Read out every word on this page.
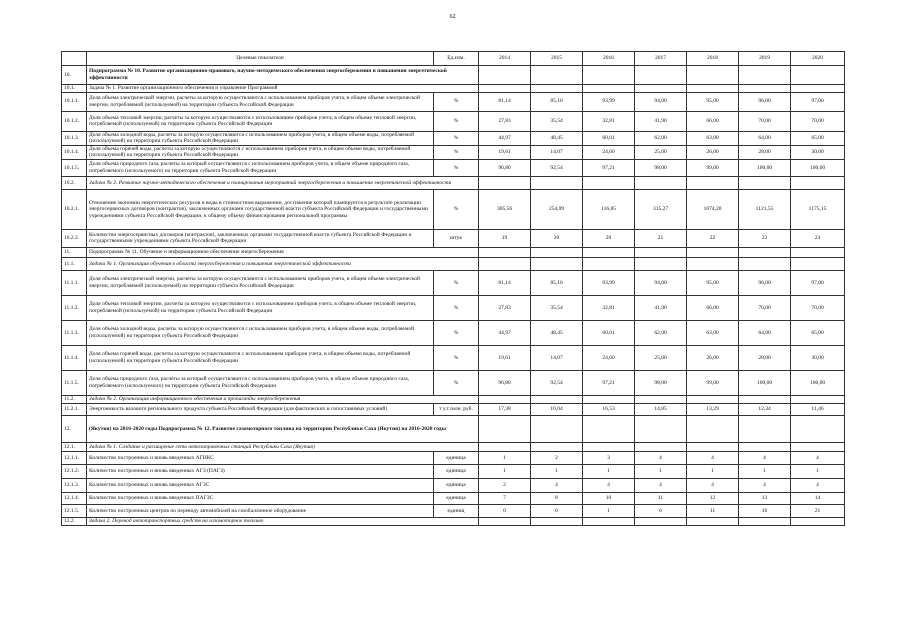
62
	Целевые показатели	Ед.изм.	2014	2015	2016	2017	2018	2019	2020
10.	Подпрограмма № 10. Развитие организационно-правового, научно-методического обеспечения энергосбережения и повышения энергетической эффективности								
10.1.	Задача № 1. Развитие организационного обеспечения и управление Программой								
10.1.1.	Доля объема электрической энергии, расчеты за которую осуществляются с использованием приборов учета, в общем объеме электрической энергии, потребляемой (используемой) на территории субъекта Российской Федерации	%	81,14	85,16	93,99	94,00	95,00	96,00	97,00
10.1.2.	Доля объема тепловой энергии, расчеты за которую осуществляются с использованием приборов учета, в общем объеме тепловой энергии, потребляемой (используемой) на территории субъекта Российской Федерации	%	27,83	35,54	32,81	41,90	66,00	70,00	70,00
10.1.3.	Доля объема холодной воды, расчеты за которую осуществляются с использованием приборов учета, в общем объеме воды, потребляемой (используемой) на территории субъекта Российской Федерации	%	44,97	48,45	60,01	62,00	63,00	64,00	65,00
10.1.4.	Доля объема горячей воды, расчеты за которую осуществляются с использованием приборов учета, в общем объеме воды, потребляемой (используемой) на территории субъекта Российской Федерации	%	19,61	14,07	24,60	25,00	26,00	28,00	30,00
10.1.5.	Доля объема природного газа, расчеты за который осуществляются с использованием приборов учета, в общем объеме природного газа, потребляемого (используемого) на территории субъекта Российской Федерации	%	96,80	92,54	97,21	98,00	99,00	100,00	100,00
10.2.	Задача № 2. Развитие научно-методического обеспечения и планирования мероприятий энергосбережения и повышения энергетической эффективности								
10.2.1.	Отношение экономии энергетических ресурсов и воды в стоимостном выражении, достижение которой планируется в результате реализации энергосервисных договоров (контрактов), заключенных органами государственной власти субъекта Российской Федерации и государственными учреждениями субъекта Российской Федерации, к общему объему финансирования региональной программы	%	305,56	254,99	116,85	315,27	1074,20	1121,55	1175,15
10.2.2.	Количество энергосервисных договоров (контрактов), заключенных органами государственной власти субъекта Российской Федерации и государственными учреждениями субъекта Российской Федерации	штук	19	20	20	21	22	23	24
11.	Подпрограмма № 11. Обучение и информационное обеспечение энергосбережения								
11.1.	Задача № 1. Организация обучения в области энергосбережения и повышения энергетической эффективности								
11.1.1.	Доля объема электрической энергии, расчеты за которую осуществляются с использованием приборов учета, в общем объеме электрической энергии, потребляемой (используемой) на территории субъекта Российской Федерации	%	81,14	85,16	93,99	94,00	95,00	96,00	97,00
11.1.2.	Доля объема тепловой энергии, расчеты за которую осуществляются с использованием приборов учета, в общем объеме тепловой энергии, потребляемой (используемой) на территории субъекта Российской Федерации	%	27,83	35,54	32,81	41,90	66,00	70,00	70,00
11.1.3.	Доля объема холодной воды, расчеты за которую осуществляются с использованием приборов учета, в общем объеме воды, потребляемой (используемой) на территории субъекта Российской Федерации	%	44,97	48,45	60,01	62,00	63,00	64,00	65,00
11.1.4.	Доля объема горячей воды, расчеты за которую осуществляются с использованием приборов учета, в общем объеме воды, потребляемой (используемой) на территории субъекта Российской Федерации	%	19,61	14,07	24,60	25,00	26,00	28,00	30,00
11.1.5.	Доля объема природного газа, расчеты за который осуществляются с использованием приборов учета, в общем объеме природного газа, потребляемого (используемого) на территории субъекта Российской Федерации	%	96,80	92,54	97,21	98,00	99,00	100,00	100,00
11.2.	Задача № 2. Организация информационного обеспечения и пропаганды энергосбережения								
11.2.1.	Энергоемкость валового регионального продукта субъекта Российской Федерации (для фактических и сопоставимых условий)	т у.т./млн. руб.	17,38	16,04	16,53	14,85	13,29	12,34	11,46
12.	(Якутия) на 2016-2020 годы Подпрограмма № 12. Развитие газомоторного топлива на территории Республики Саха (Якутия) на 2016-2020 годы								
12.1.	Задача № 1. Создание и расширение сети автозаправочных станций Республики Саха (Якутия)								
12.1.1.	Количество построенных и вновь введенных АГНКС	единица	1	2	3	4	4	4	4
12.1.2.	Количество построенных и вновь введенных АГЗ (ПАГЗ)	единица	1	1	1	1	1	1	1
12.1.3.	Количество построенных и вновь введенных АГЗС	единица	2	4	4	4	4	4	4
12.1.4.	Количество построенных и вновь введенных ПАГЗС	единица	7	8	10	11	12	13	14
12.1.5.	Количество построенных центров по переводу автомобилей на газобаллонное оборудование	единиц	0	0	1	6	11	16	21
12.2.	Задача 2. Перевод автотранспортных средств на газомоторное топливо								
